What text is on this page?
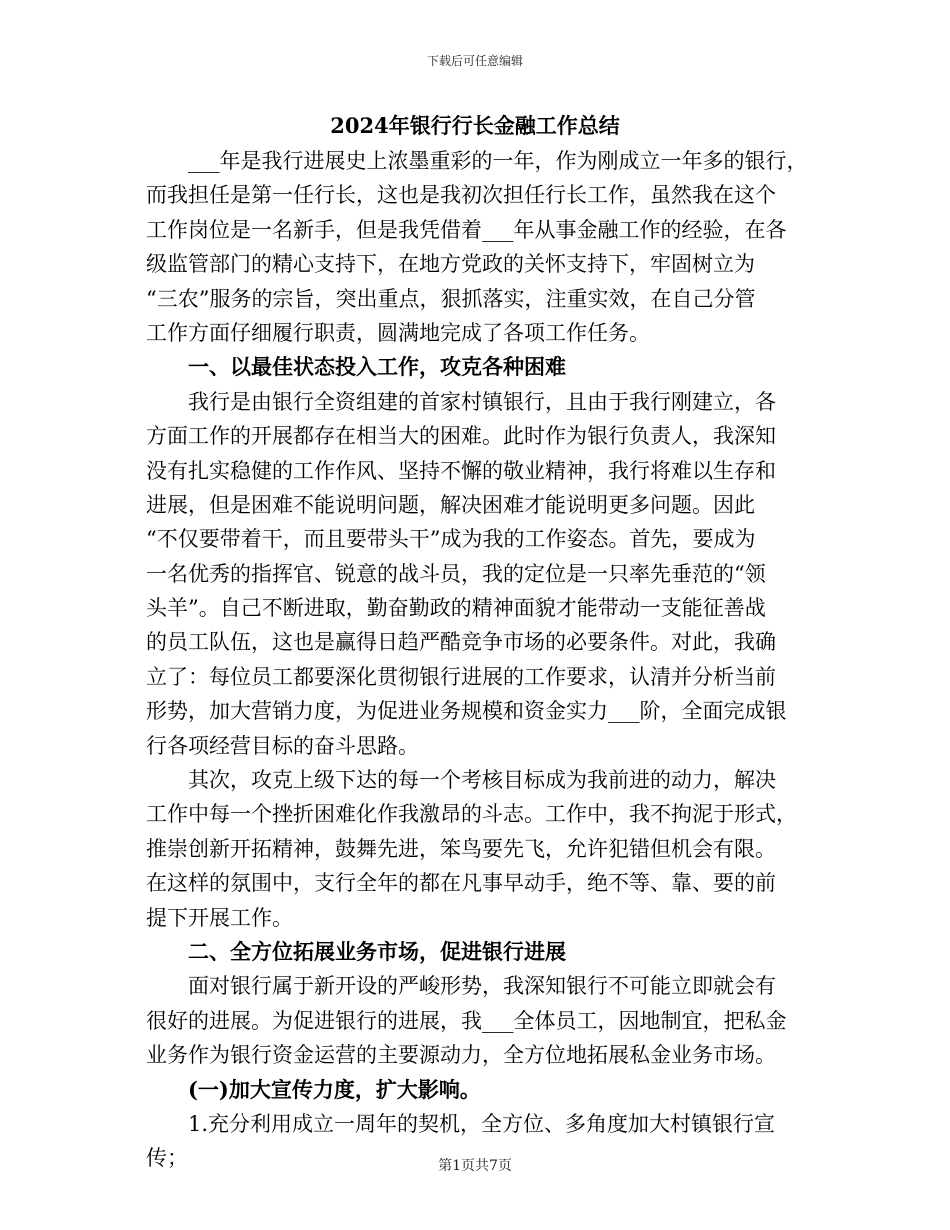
下载后可任意编辑
2024年银行行长金融工作总结
___年是我行进展史上浓墨重彩的一年，作为刚成立一年多的银行，
而我担任是第一任行长，这也是我初次担任行长工作，虽然我在这个
工作岗位是一名新手，但是我凭借着___年从事金融工作的经验，在各
级监管部门的精心支持下，在地方党政的关怀支持下，牢固树立为
“三农”服务的宗旨，突出重点，狠抓落实，注重实效，在自己分管
工作方面仔细履行职责，圆满地完成了各项工作任务。
一、以最佳状态投入工作，攻克各种困难
我行是由银行全资组建的首家村镇银行，且由于我行刚建立，各
方面工作的开展都存在相当大的困难。此时作为银行负责人，我深知
没有扎实稳健的工作作风、坚持不懈的敬业精神，我行将难以生存和
进展，但是困难不能说明问题，解决困难才能说明更多问题。因此
“不仅要带着干，而且要带头干”成为我的工作姿态。首先，要成为
一名优秀的指挥官、锐意的战斗员，我的定位是一只率先垂范的“领
头羊”。自己不断进取，勤奋勤政的精神面貌才能带动一支能征善战
的员工队伍，这也是赢得日趋严酷竞争市场的必要条件。对此，我确
立了：每位员工都要深化贯彻银行进展的工作要求，认清并分析当前
形势，加大营销力度，为促进业务规模和资金实力___阶，全面完成银
行各项经营目标的奋斗思路。
其次，攻克上级下达的每一个考核目标成为我前进的动力，解决
工作中每一个挫折困难化作我激昂的斗志。工作中，我不拘泥于形式，
推崇创新开拓精神，鼓舞先进，笨鸟要先飞，允许犯错但机会有限。
在这样的氛围中，支行全年的都在凡事早动手，绝不等、靠、要的前
提下开展工作。
二、全方位拓展业务市场，促进银行进展
面对银行属于新开设的严峻形势，我深知银行不可能立即就会有
很好的进展。为促进银行的进展，我___全体员工，因地制宜，把私金
业务作为银行资金运营的主要源动力，全方位地拓展私金业务市场。
(一)加大宣传力度，扩大影响。
1.充分利用成立一周年的契机，全方位、多角度加大村镇银行宣
传；	第1页共7页
